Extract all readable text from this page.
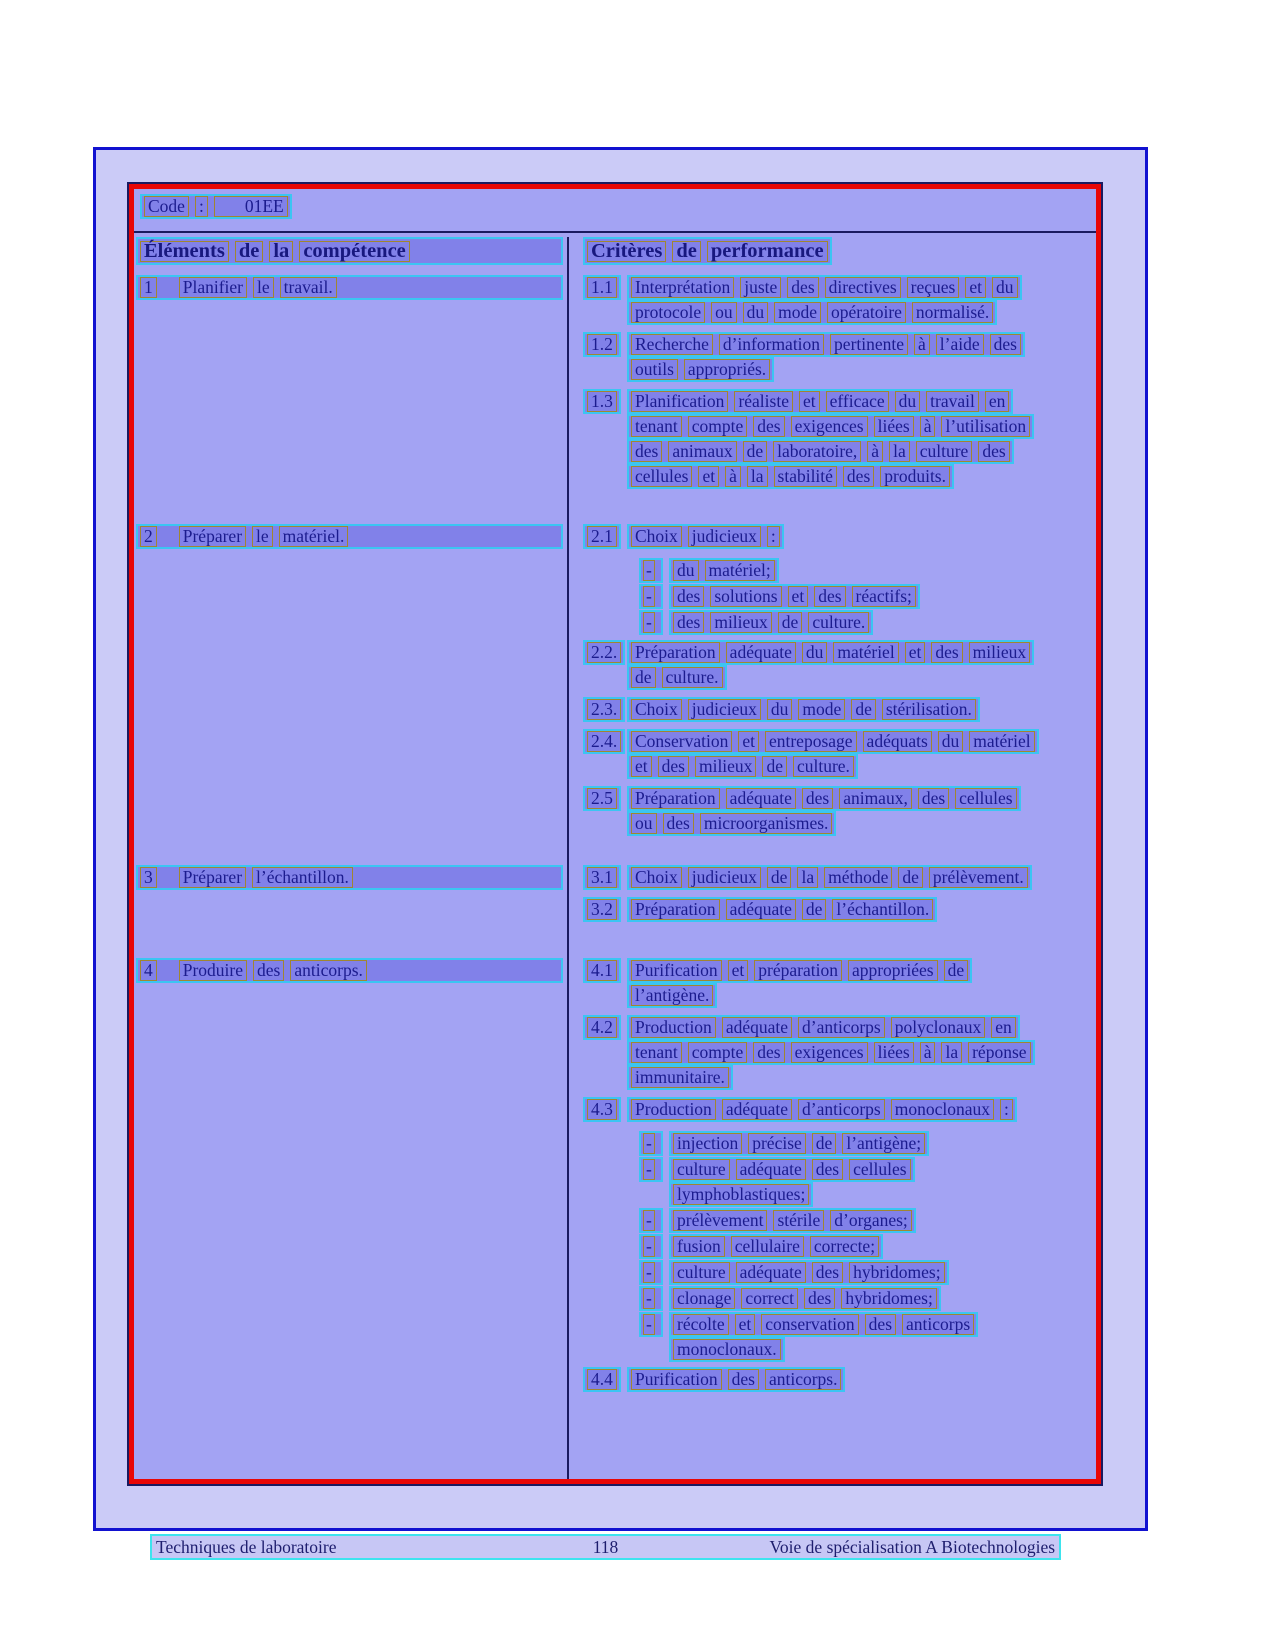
Code :	01EE
Éléments de la compétence	Critères de performance
1 Planifier le travail.	1.1 Interprétation juste des directives reçues et du
protocole ou du mode opératoire normalisé.
1.2 Recherche d’information pertinente à l’aide des
outils appropriés.
1.3 Planification réaliste et efficace du travail en
tenant compte des exigences liées à l’utilisation
des animaux de laboratoire, à la culture des
cellules et à la stabilité des produits.
2 Préparer le matériel.	2.1 Choix judicieux :
- du matériel;
- des solutions et des réactifs;
- des milieux de culture.
2.2. Préparation adéquate du matériel et des milieux
de culture.
2.3. Choix judicieux du mode de stérilisation.
2.4. Conservation et entreposage adéquats du matériel
et des milieux de culture.
2.5 Préparation adéquate des animaux, des cellules
ou des microorganismes.
3 Préparer l’échantillon.	3.1 Choix judicieux de la méthode de prélèvement.
3.2 Préparation adéquate de l’échantillon.
4 Produire des anticorps.	4.1 Purification et préparation appropriées de
l’antigène.
4.2 Production adéquate d’anticorps polyclonaux en
tenant compte des exigences liées à la réponse
immunitaire.
4.3 Production adéquate d’anticorps monoclonaux :
- injection précise de l’antigène;
- culture adéquate des cellules
lymphoblastiques;
- prélèvement stérile d’organes;
- fusion cellulaire correcte;
- culture adéquate des hybridomes;
- clonage correct des hybridomes;
- récolte et conservation des anticorps
monoclonaux.
4.4 Purification des anticorps.
Techniques de laboratoire	118	Voie de spécialisation A Biotechnologies
